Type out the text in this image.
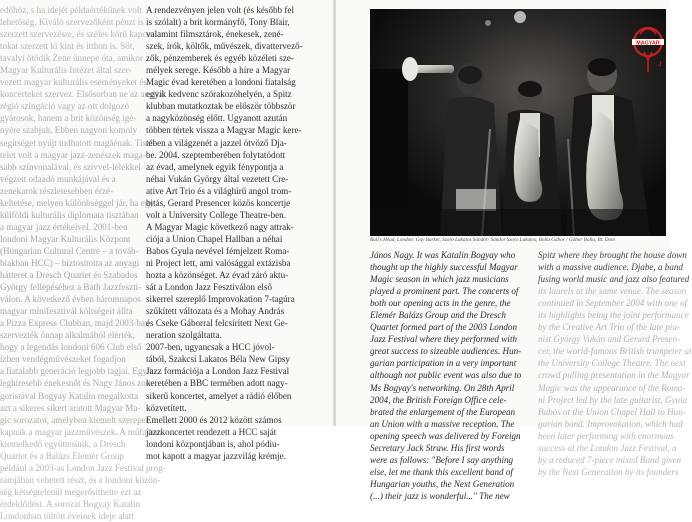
edőhöz, s ha idejét példaértékűnek volt
lehetőség. Kiváló szervezőként pénzt is
szerzett szervezésre, és széles körű kapcsola-
tokat szerzett ki kint és itthon is. Sőt,
tavalyi ötödik Zene ünnepe óta, amikor
Magyar Kulturális Intézet által szer-
vezett magyar kulturális eseményeket és
koncerteket szervez. Elsősorban ne az angliai
régió szingáció vagy az ott dolgozó
gyárosok, hanem a brit közönség igé-
nyére szabjuk. Ebben nagyon komoly
segítséget nyújt tudhatott magáénak. Tiszt-
telet volt a magyar jazz-zenészek maga-
sabb színvonalával, és szívvel-lélekkel
végzett odaadó munkájával és a
zenekarok részletesebben érzé-
keltetése, melyen különbséggel jár, ha egy
külföldi kulturális diplomata tisztában
a magyar jazz értékeivel. 2001-ben
londoni Magyar Kulturális Központ
(Hungarian Cultural Centre – a továb-
biakban HCC) – biztosította az anyagi
hátteret a Dresch Quartet és Szabados
György fellépéséhez a Bath Jazzfeszti-
válon. A következő évben háromnapos
magyar minifesztivál költségeit állta
a Pizza Express Clubban, majd 2003-ban
szervezték önnap alkalmából elérték,
hogy a legendás londoni 606 Club első
ízben vendégművészeket fogadjon
a fiatalabb generáció legjobb tagjai. Egyik
leghíresebb énekesnőt és Nagy János zon-
goristával Bogyay Katalin megalkotta
azt a sikeres sikert aratott Magyar Ma-
gic sorozatot, amelyben kiemelt szerepet
kapnak a magyar jazzművészek. A műfajban
kiemelkedő együttesünk, a Dresch
Quartet és a Balázs Elemér Group
például a 2003-as London Jazz Festival prog-
ramjában vehetett részt, és a londoni közön-
ség kétségtelenül megerősíthette ezt az
érdeklődést. A sorozat Bogyay Katalin
Londonban töltött éveinek ideje alatt
A rendezvényen jelen volt (és később fel
is szólalt) a brit kormányfő, Tony Blair,
valamint filmsztárok, énekesek, zené-
szek, írók, költők, művészek, divattervező-
zők, pénzemberek és egyéb közéleti sze-
mélyek serege. Később a híre a Magyar
Magic évad keretében a londoni fiatalság
egyik kedvenc szórakozóhelyén, a Spitz
klubban mutatkoztak be először többször
a nagyközönség előtt. Ugyanott azután
többen tértek vissza a Magyar Magic kere-
tében a világzenét a jazzel ötvöző Dja-
be. 2004. szeptemberében folytatódott
az évad, amelynek egyik fénypontja a
néhai Vukán György által vezetett Cre-
ative Art Trio és a világhírű angol trom-
bitás, Gerard Presencer közös koncertje
volt a University College Theatre-ben.
A Magyar Magic következő nagy attrak-
ciója a Union Chapel Hallban a néhai
Babos Gyula nevével fémjelzett Roma-
ni Project lett, ami valósággal extázisba
hozta a közönséget. Az évad záró aktu-
sát a London Jazz Fesztiválon első
sikerrel szereplő Improvokation 7-tagúra
szűkített változata és a Mohay András
és Cseke Gáborral felcsírített Next Ge-
neration szolgáltatta.
2007-ben, ugyancsak a HCC jóvol-
tából, Szakcsi Lakatos Béla New Gipsy
Jazz formációja a London Jazz Festival
keretében a BBC termében adott nagy-
sikerű koncertet, amelyet a rádió élőben
közvetített.
Emellett 2000 és 2012 között számos
jazzkoncertet rendezett a HCC saját
londoni központjában is, ahol pódiu-
mot kapott a magyar jazzvilág krémje.
MAGYAR
J
Bull's Head, London: Guy Barker, Szoro Lakatos Sándor/ Sándor Szoro Lakatos, Bolla Gábor / Gábor Bolla, Bt. Dom
János Nagy. It was Katalin Bogyay who
thought up the highly successful Magyar
Magic season in which jazz musicians
played a prominent part. The concerts of
both our opening acts in the genre, the
Elemér Balázs Group and the Dresch
Quartet formed part of the 2003 London
Jazz Festival where they performed with
great success to sizeable audiences. Hun-
garian participation in a very important
although not public event was also due to
Ms Bogyay's networking. On 28th April
2004, the British Foreign Office cele-
brated the enlargement of the European
an Union with a massive reception. The
opening speech was delivered by Foreign
Secretary Jack Straw. His first words
were as follows: "Before I say anything
else, let me thank this excellent band of
Hungarian youths, the Next Generation
(...) their jazz is wonderful..." The new
Spitz where they brought the house down
with a massive audience. Djabe, a band
fusing world music and jazz also featured
its laurels at the same venue. The season
continued in September 2004 with one of
its highlights being the joint performance
by the Creative Art Trio of the late pia-
nist György Vukán and Gerard Presen-
cer, the world-famous British trumpeter at
the University College Theatre. The next
crowd pulling presentation in the Magyar
Magic was the appearance of the Roma-
ni Project led by the late guitarist, Gyula
Babos at the Union Chapel Hall to Hun-
garian band. Improvokation, which had
been later performing with enormous
success at the London Jazz Festival, a
by a reduced 7-piece mixed Band given
by the Next Generation by its founders
